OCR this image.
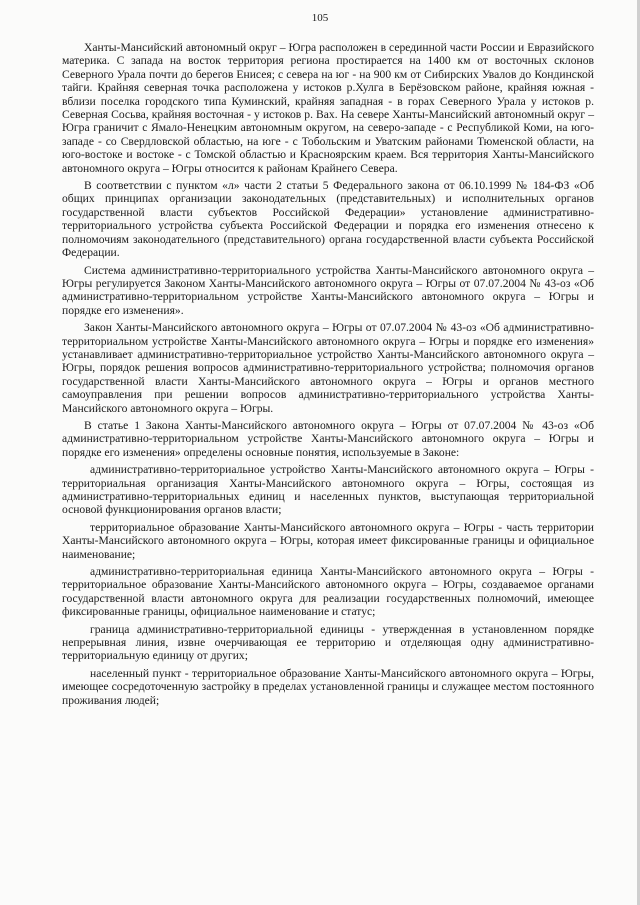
105

Ханты-Мансийский автономный округ – Югра расположен в серединной части России и Евразийского материка. С запада на восток территория региона простирается на 1400 км от восточных склонов Северного Урала почти до берегов Енисея; с севера на юг - на 900 км от Сибирских Увалов до Кондинской тайги. Крайняя северная точка расположена у истоков р.Хулга в Берёзовском районе, крайняя южная - вблизи поселка городского типа Куминский, крайняя западная - в горах Северного Урала у истоков р. Северная Сосьва, крайняя восточная - у истоков р. Вах. На севере Ханты-Мансийский автономный округ – Югра граничит с Ямало-Ненецким автономным округом, на северо-западе - с Республикой Коми, на юго-западе - со Свердловской областью, на юге - с Тобольским и Уватским районами Тюменской области, на юго-востоке и востоке - с Томской областью и Красноярским краем. Вся территория Ханты-Мансийского автономного округа – Югры относится к районам Крайнего Севера.

В соответствии с пунктом «л» части 2 статьи 5 Федерального закона от 06.10.1999 № 184-ФЗ «Об общих принципах организации законодательных (представительных) и исполнительных органов государственной власти субъектов Российской Федерации» установление административно-территориального устройства субъекта Российской Федерации и порядка его изменения отнесено к полномочиям законодательного (представительного) органа государственной власти субъекта Российской Федерации.

Система административно-территориального устройства Ханты-Мансийского автономного округа – Югры регулируется Законом Ханты-Мансийского автономного округа – Югры от 07.07.2004 № 43-оз «Об административно-территориальном устройстве Ханты-Мансийского автономного округа – Югры и порядке его изменения».

Закон Ханты-Мансийского автономного округа – Югры от 07.07.2004 № 43-оз «Об административно-территориальном устройстве Ханты-Мансийского автономного округа – Югры и порядке его изменения» устанавливает административно-территориальное устройство Ханты-Мансийского автономного округа – Югры, порядок решения вопросов административно-территориального устройства; полномочия органов государственной власти Ханты-Мансийского автономного округа – Югры и органов местного самоуправления при решении вопросов административно-территориального устройства Ханты-Мансийского автономного округа – Югры.

В статье 1 Закона Ханты-Мансийского автономного округа – Югры от 07.07.2004 № 43-оз «Об административно-территориальном устройстве Ханты-Мансийского автономного округа – Югры и порядке его изменения» определены основные понятия, используемые в Законе:

административно-территориальное устройство Ханты-Мансийского автономного округа – Югры - территориальная организация Ханты-Мансийского автономного округа – Югры, состоящая из административно-территориальных единиц и населенных пунктов, выступающая территориальной основой функционирования органов власти;

территориальное образование Ханты-Мансийского автономного округа – Югры - часть территории Ханты-Мансийского автономного округа – Югры, которая имеет фиксированные границы и официальное наименование;

административно-территориальная единица Ханты-Мансийского автономного округа – Югры - территориальное образование Ханты-Мансийского автономного округа – Югры, создаваемое органами государственной власти автономного округа для реализации государственных полномочий, имеющее фиксированные границы, официальное наименование и статус;

граница административно-территориальной единицы - утвержденная в установленном порядке непрерывная линия, извне очерчивающая ее территорию и отделяющая одну административно-территориальную единицу от других;

населенный пункт - территориальное образование Ханты-Мансийского автономного округа – Югры, имеющее сосредоточенную застройку в пределах установленной границы и служащее местом постоянного проживания людей;
